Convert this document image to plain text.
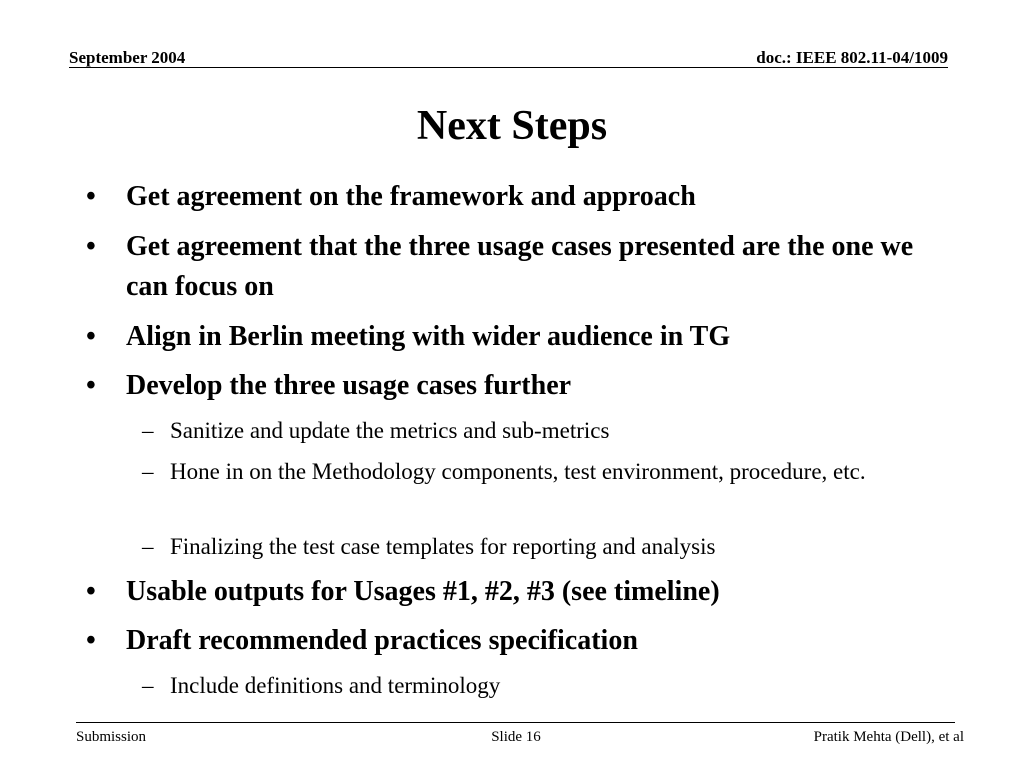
September 2004	doc.: IEEE 802.11-04/1009
Next Steps
• Get agreement on the framework and approach
• Get agreement that the three usage cases presented are the one we can focus on
• Align in Berlin meeting with wider audience in TG
• Develop the three usage cases further
– Sanitize and update the metrics and sub-metrics
– Hone in on the Methodology components, test environment, procedure, etc.
– Finalizing the test case templates for reporting and analysis
• Usable outputs for Usages #1, #2, #3 (see timeline)
• Draft recommended practices specification
– Include definitions and terminology
Submission	Slide 16	Pratik Mehta (Dell), et al
